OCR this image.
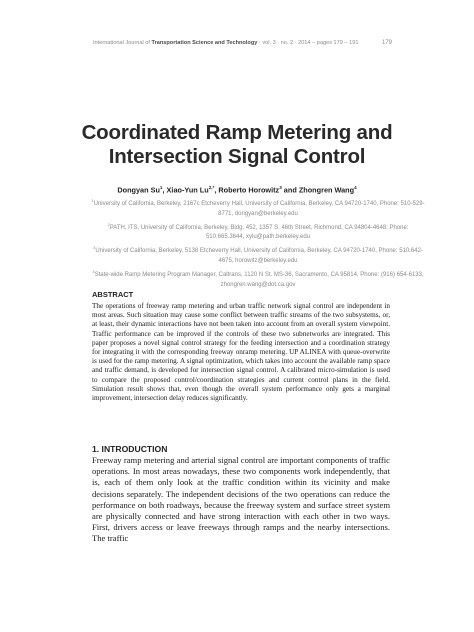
International Journal of Transportation Science and Technology · vol. 3 · no. 2 · 2014 – pages 179 – 191	179
Coordinated Ramp Metering and Intersection Signal Control
Dongyan Su$^1$, Xiao-Yun $Lu^{2,*}$, Roberto Horowitz$^3$ and Zhongren Wang$^4$

$^1$University of California, Berkeley, 2167c Etcheverry Hall, University of California, Berkeley, CA 94720-1740, Phone: 510-529-8771, dongyan@berkeley.edu

$^2$PATH, ITS, University of California, Berkeley, Bldg. 452, 1357 S. 46th Street, Richmond, CA 94804-4648; Phone: 510.665.3644, xylu@path.berkeley.edu

$^3$University of California, Berkeley, 5138 Etcheverry Hall, University of California, Berkeley, CA 94720-1740, Phone: 510.642-4675, horowitz@berkeley.edu

$^4$State-wide Ramp Metering Program Manager, Caltrans, 1120 N St. MS-36, Sacramento, CA 95814, Phone: (916) 654-6133, zhongren.wang@dot.ca.gov

ABSTRACT

The operations of freeway ramp metering and urban traffic network signal control are independent in most areas. Such situation may cause some conflict between traffic streams of the two subsystems, or, at least, their dynamic interactions have not been taken into account from an overall system viewpoint. Traffic performance can be improved if the controls of these two subnetworks are integrated. This paper proposes a novel signal control strategy for the feeding intersection and a coordination strategy for integrating it with the corresponding freeway onramp metering. UP ALINEA with queue-overwrite is used for the ramp metering. A signal optimization, which takes into account the available ramp space and traffic demand, is developed for intersection signal control. A calibrated micro-simulation is used to compare the proposed control/coordination strategies and current control plans in the field. Simulation result shows that, even though the overall system performance only gets a marginal improvement, intersection delay reduces significantly.

1. INTRODUCTION

Freeway ramp metering and arterial signal control are important components of traffic operations. In most areas nowadays, these two components work independently, that is, each of them only look at the traffic condition within its vicinity and make decisions separately. The independent decisions of the two operations can reduce the performance on both roadways, because the freeway system and surface street system are physically connected and have strong interaction with each other in two ways. First, drivers access or leave freeways through ramps and the nearby intersections. The traffic
